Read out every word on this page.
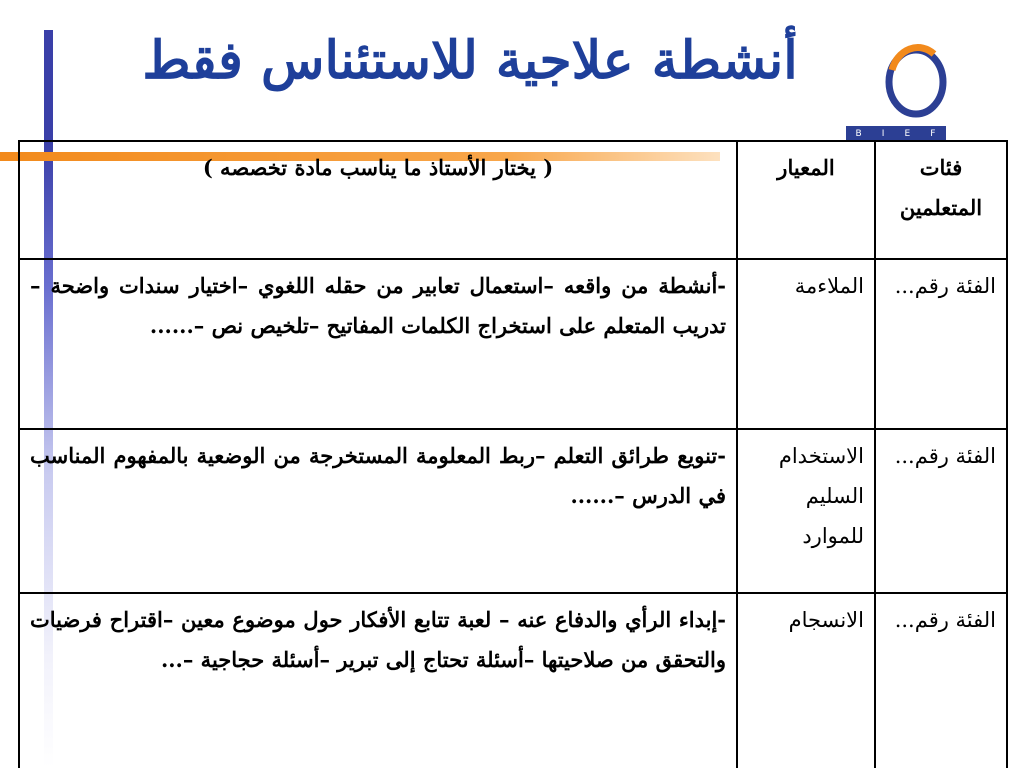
أنشطة علاجية للاستئناس فقط
B I E F
فئات المتعلمين	المعيار	( يختار الأستاذ ما يناسب مادة تخصصه )
الفئة رقم...	الملاءمة	-أنشطة من واقعه –استعمال تعابير من حقله اللغوي –اختيار سندات واضحة –تدريب المتعلم على استخراج الكلمات المفاتيح –تلخيص نص –......
الفئة رقم...	الاستخدام السليم للموارد	-تنويع طرائق التعلم –ربط المعلومة المستخرجة من الوضعية بالمفهوم المناسب في الدرس –......
الفئة رقم...	الانسجام	-إبداء الرأي والدفاع عنه – لعبة تتابع الأفكار حول موضوع معين –اقتراح فرضيات والتحقق من صلاحيتها –أسئلة تحتاج إلى تبرير –أسئلة حجاجية –...
